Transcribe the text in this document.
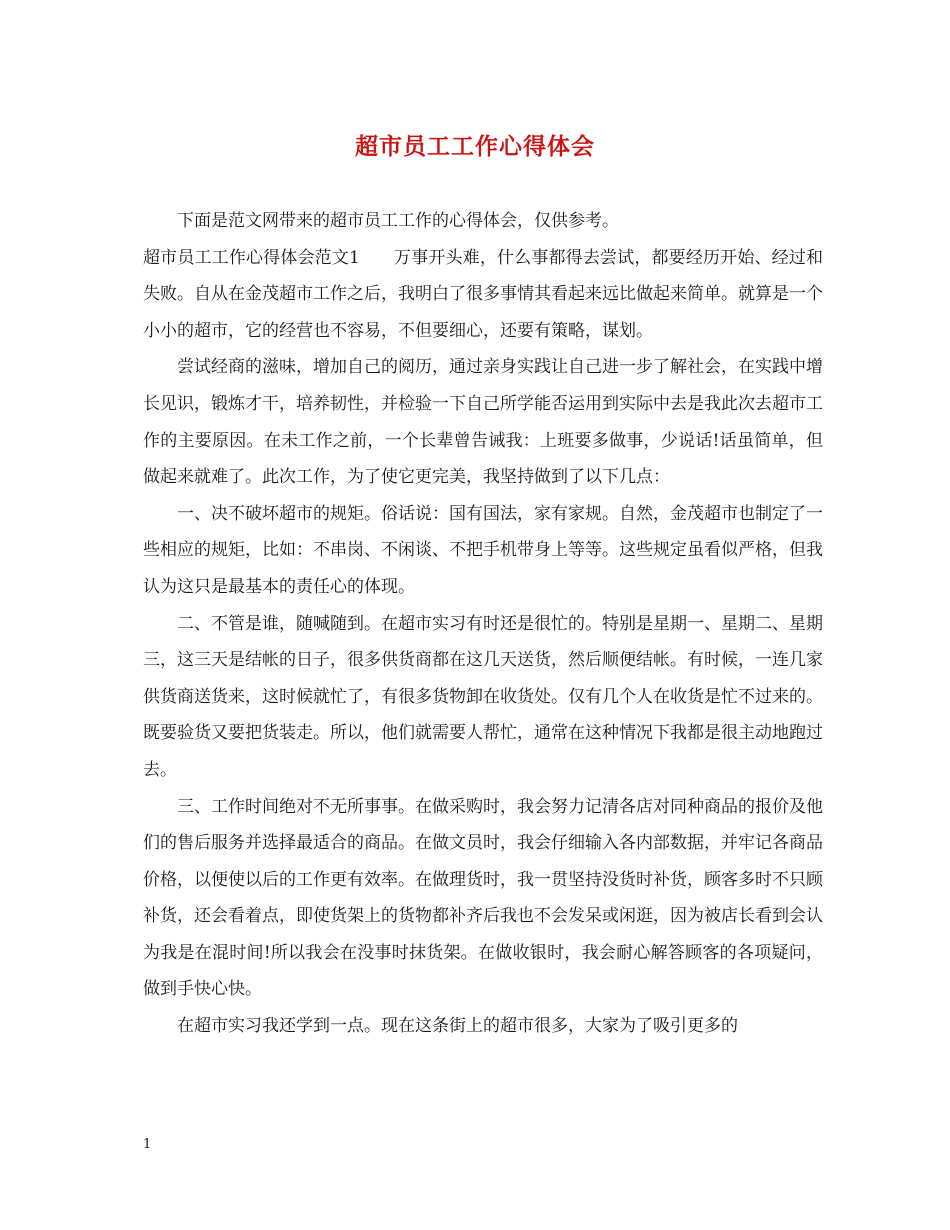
超市员工工作心得体会

下面是范文网带来的超市员工工作的心得体会，仅供参考。

超市员工工作心得体会范文1 万事开头难，什么事都得去尝试，都要经历开始、经过和失败。自从在金茂超市工作之后，我明白了很多事情其看起来远比做起来简单。就算是一个小小的超市，它的经营也不容易，不但要细心，还要有策略，谋划。

尝试经商的滋味，增加自己的阅历，通过亲身实践让自己进一步了解社会，在实践中增长见识，锻炼才干，培养韧性，并检验一下自己所学能否运用到实际中去是我此次去超市工作的主要原因。在未工作之前，一个长辈曾告诫我：上班要多做事，少说话!话虽简单，但做起来就难了。此次工作，为了使它更完美，我坚持做到了以下几点：

一、决不破坏超市的规矩。俗话说：国有国法，家有家规。自然，金茂超市也制定了一些相应的规矩，比如：不串岗、不闲谈、不把手机带身上等等。这些规定虽看似严格，但我认为这只是最基本的责任心的体现。

二、不管是谁，随喊随到。在超市实习有时还是很忙的。特别是星期一、星期二、星期三，这三天是结帐的日子，很多供货商都在这几天送货，然后顺便结帐。有时候，一连几家供货商送货来，这时候就忙了，有很多货物卸在收货处。仅有几个人在收货是忙不过来的。既要验货又要把货装走。所以，他们就需要人帮忙，通常在这种情况下我都是很主动地跑过去。

三、工作时间绝对不无所事事。在做采购时，我会努力记清各店对同种商品的报价及他们的售后服务并选择最适合的商品。在做文员时，我会仔细输入各内部数据，并牢记各商品价格，以便使以后的工作更有效率。在做理货时，我一贯坚持没货时补货，顾客多时不只顾补货，还会看着点，即使货架上的货物都补齐后我也不会发呆或闲逛，因为被店长看到会认为我是在混时间!所以我会在没事时抹货架。在做收银时，我会耐心解答顾客的各项疑问，做到手快心快。

在超市实习我还学到一点。现在这条街上的超市很多，大家为了吸引更多的

1
